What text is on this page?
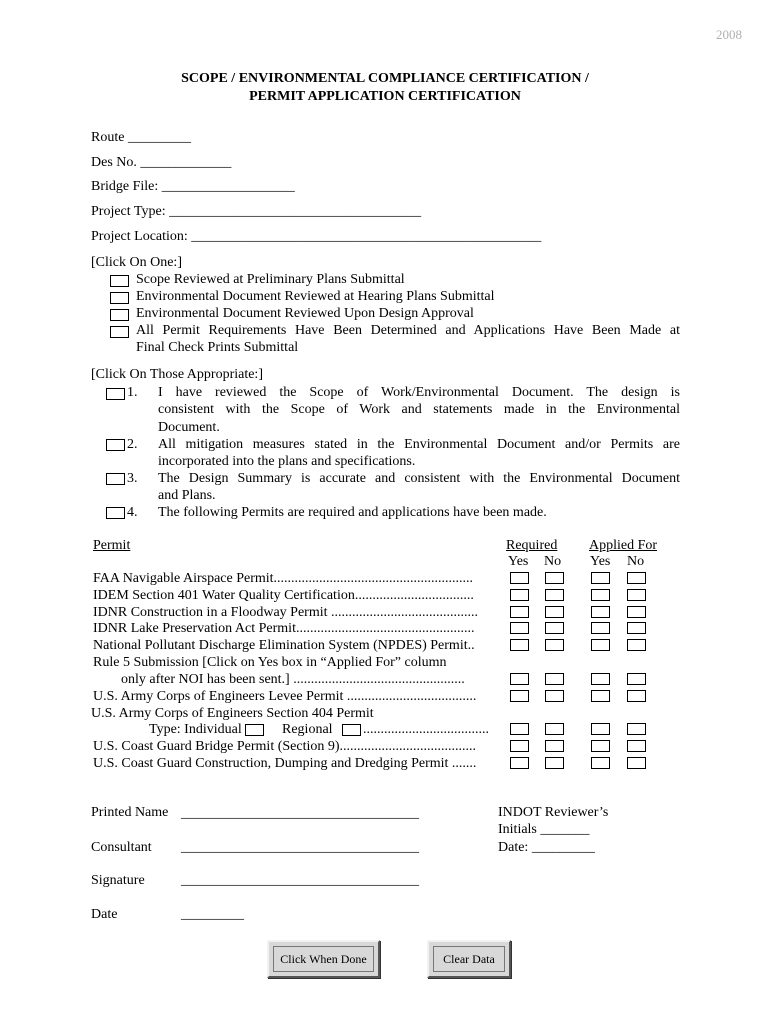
2008
SCOPE / ENVIRONMENTAL COMPLIANCE CERTIFICATION /
PERMIT APPLICATION CERTIFICATION
Route _________
Des No. _____________
Bridge File: ___________________
Project Type: ____________________________________
Project Location: __________________________________________________
[Click On One:]
Scope Reviewed at Preliminary Plans Submittal
Environmental Document Reviewed at Hearing Plans Submittal
Environmental Document Reviewed Upon Design Approval
All Permit Requirements Have Been Determined and Applications Have Been Made at
Final Check Prints Submittal
[Click On Those Appropriate:]
1. I have reviewed the Scope of Work/Environmental Document. The design is
consistent with the Scope of Work and statements made in the Environmental
Document.
2. All mitigation measures stated in the Environmental Document and/or Permits are
incorporated into the plans and specifications.
3. The Design Summary is accurate and consistent with the Environmental Document
and Plans.
4. The following Permits are required and applications have been made.
Permit	Required Applied For
Yes No Yes No
FAA Navigable Airspace Permit.........................................................
IDEM Section 401 Water Quality Certification..................................
IDNR Construction in a Floodway Permit ..........................................
IDNR Lake Preservation Act Permit...................................................
National Pollutant Discharge Elimination System (NPDES) Permit..
Rule 5 Submission [Click on Yes box in “Applied For” column
only after NOI has been sent.] .................................................
U.S. Army Corps of Engineers Levee Permit .....................................
U.S. Army Corps of Engineers Section 404 Permit
Type: Individual	Regional ....................................
U.S. Coast Guard Bridge Permit (Section 9).......................................
U.S. Coast Guard Construction, Dumping and Dredging Permit .......
Printed Name __________________________________
Consultant __________________________________
Signature	__________________________________
Date	_________
INDOT Reviewer’s
Initials _______
Date: _________
Click When Done	Clear Data
